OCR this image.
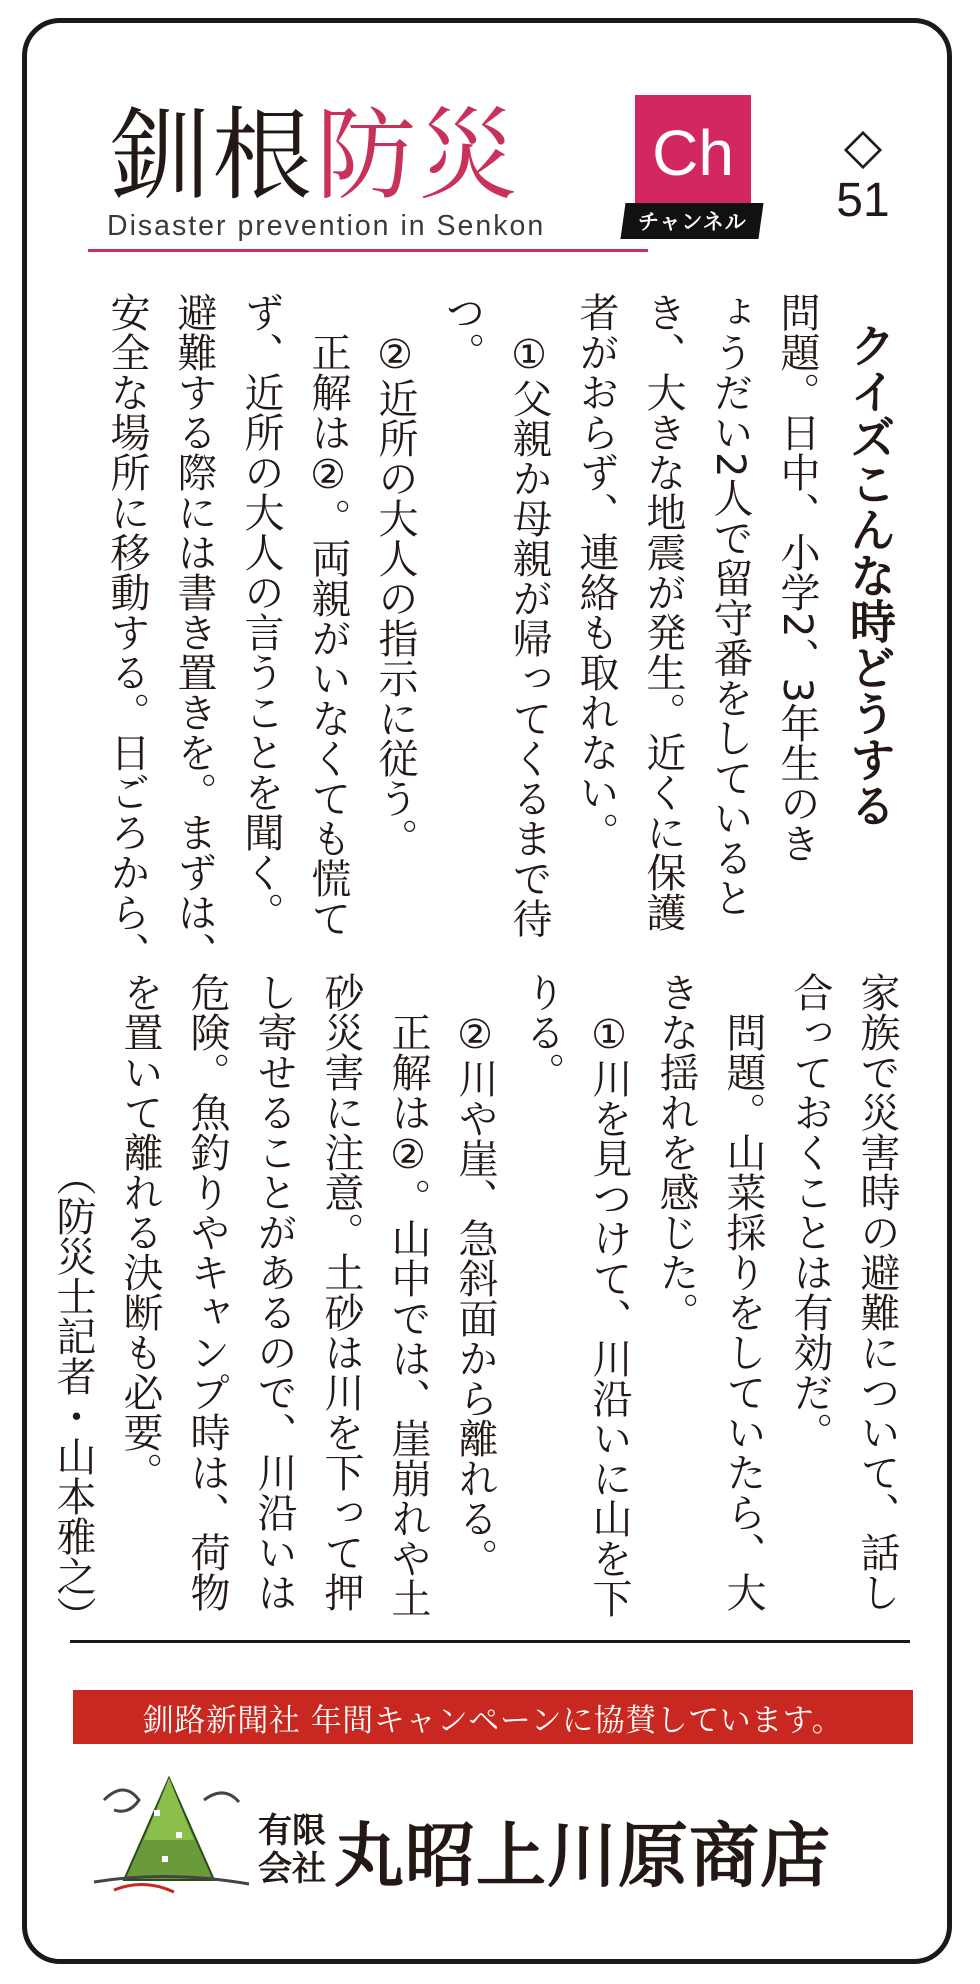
釧根 防災 Ch
チャンネル
Disaster prevention in Senkon
◇
51

クイズこんな時どうする

問題。日中、小学2、3年生のき

ょうだい2人で留守番をしていると

き、大きな地震が発生。近くに保護

者がおらず、連絡も取れない。

　①父親か母親が帰ってくるまで待

つ。

　②近所の大人の指示に従う。

　正解は②。両親がいなくても慌て

ず、近所の大人の言うことを聞く。

避難する際には書き置きを。まずは、

安全な場所に移動する。日ごろから、

家族で災害時の避難について、話し

合っておくことは有効だ。

　問題。山菜採りをしていたら、大

きな揺れを感じた。

　①川を見つけて、川沿いに山を下

りる。

　②川や崖、急斜面から離れる。

　正解は②。山中では、崖崩れや土

砂災害に注意。土砂は川を下って押

し寄せることがあるので、川沿いは

危険。魚釣りやキャンプ時は、荷物

を置いて離れる決断も必要。

（防災士記者・山本雅之）

釧路新聞社 年間キャンペーンに協賛しています。
有限
会社 丸昭上川原商店
